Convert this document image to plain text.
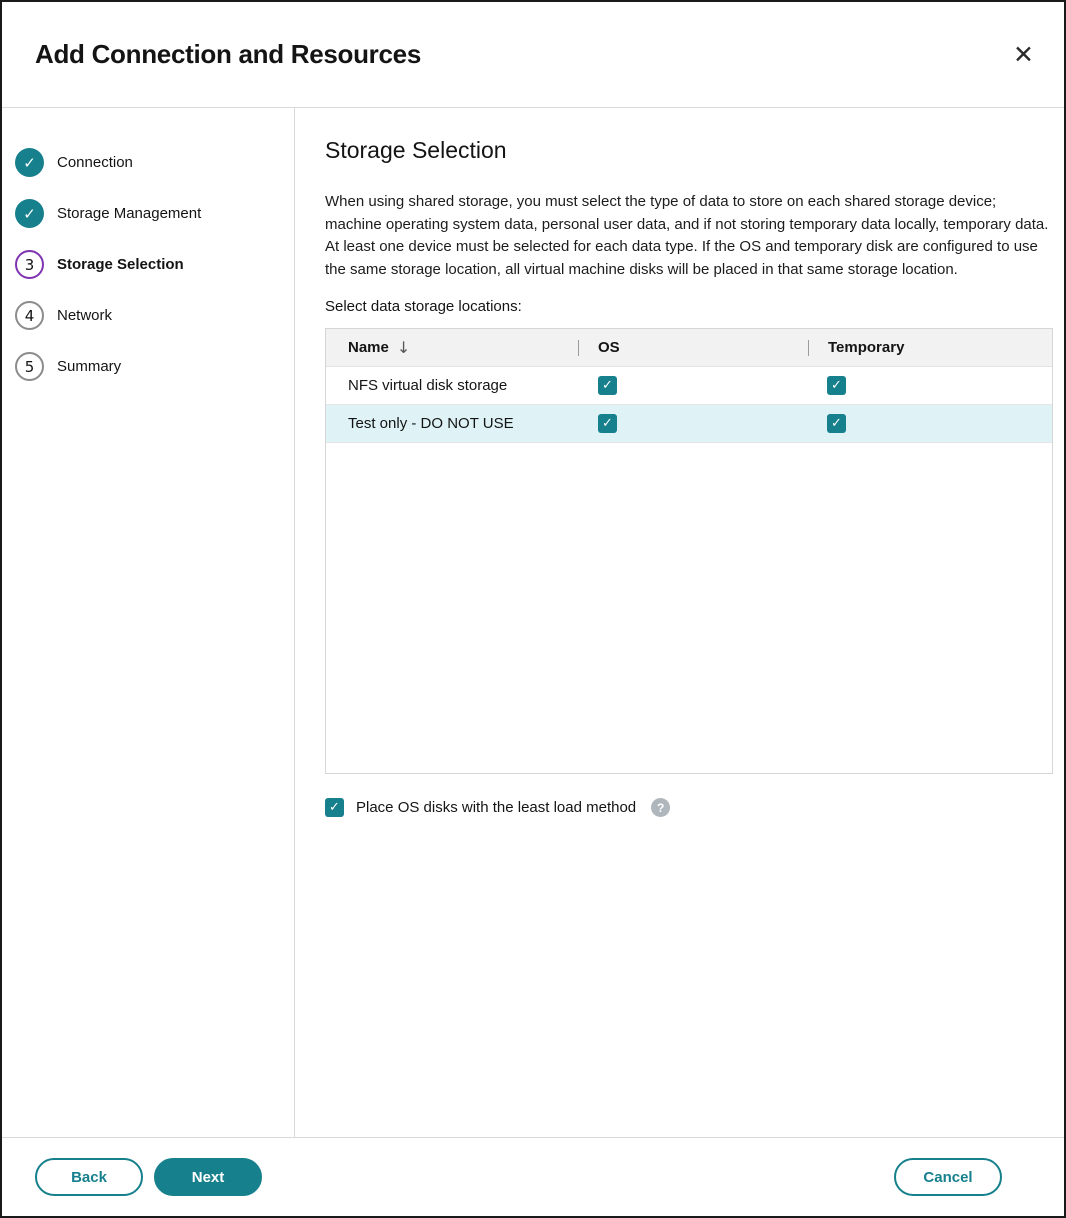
Add Connection and Resources	✕
✓	Connection
✓	Storage Management
3	Storage Selection
4	Network
5	Summary
Storage Selection

When using shared storage, you must select the type of data to store on each shared storage device; machine operating system data, personal user data, and if not storing temporary data locally, temporary data. At least one device must be selected for each data type. If the OS and temporary disk are configured to use the same storage location, all virtual machine disks will be placed in that same storage location.

Select data storage locations:
Name ↓	OS	Temporary
NFS virtual disk storage	✓	✓
Test only - DO NOT USE	✓	✓
✓ Place OS disks with the least load method	?
Back	Next	Cancel
